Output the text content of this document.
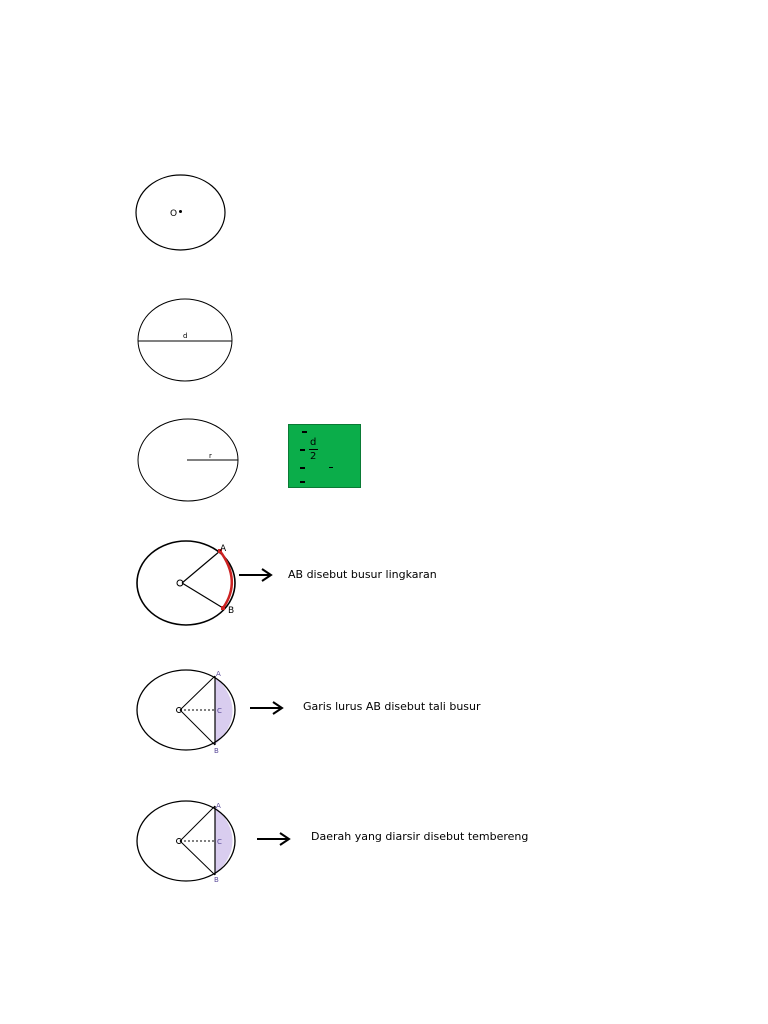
O
d
r
d
2
A
B
AB disebut busur lingkaran
A
C
B
Garis lurus AB disebut tali busur
A
C
B
Daerah yang diarsir disebut tembereng
